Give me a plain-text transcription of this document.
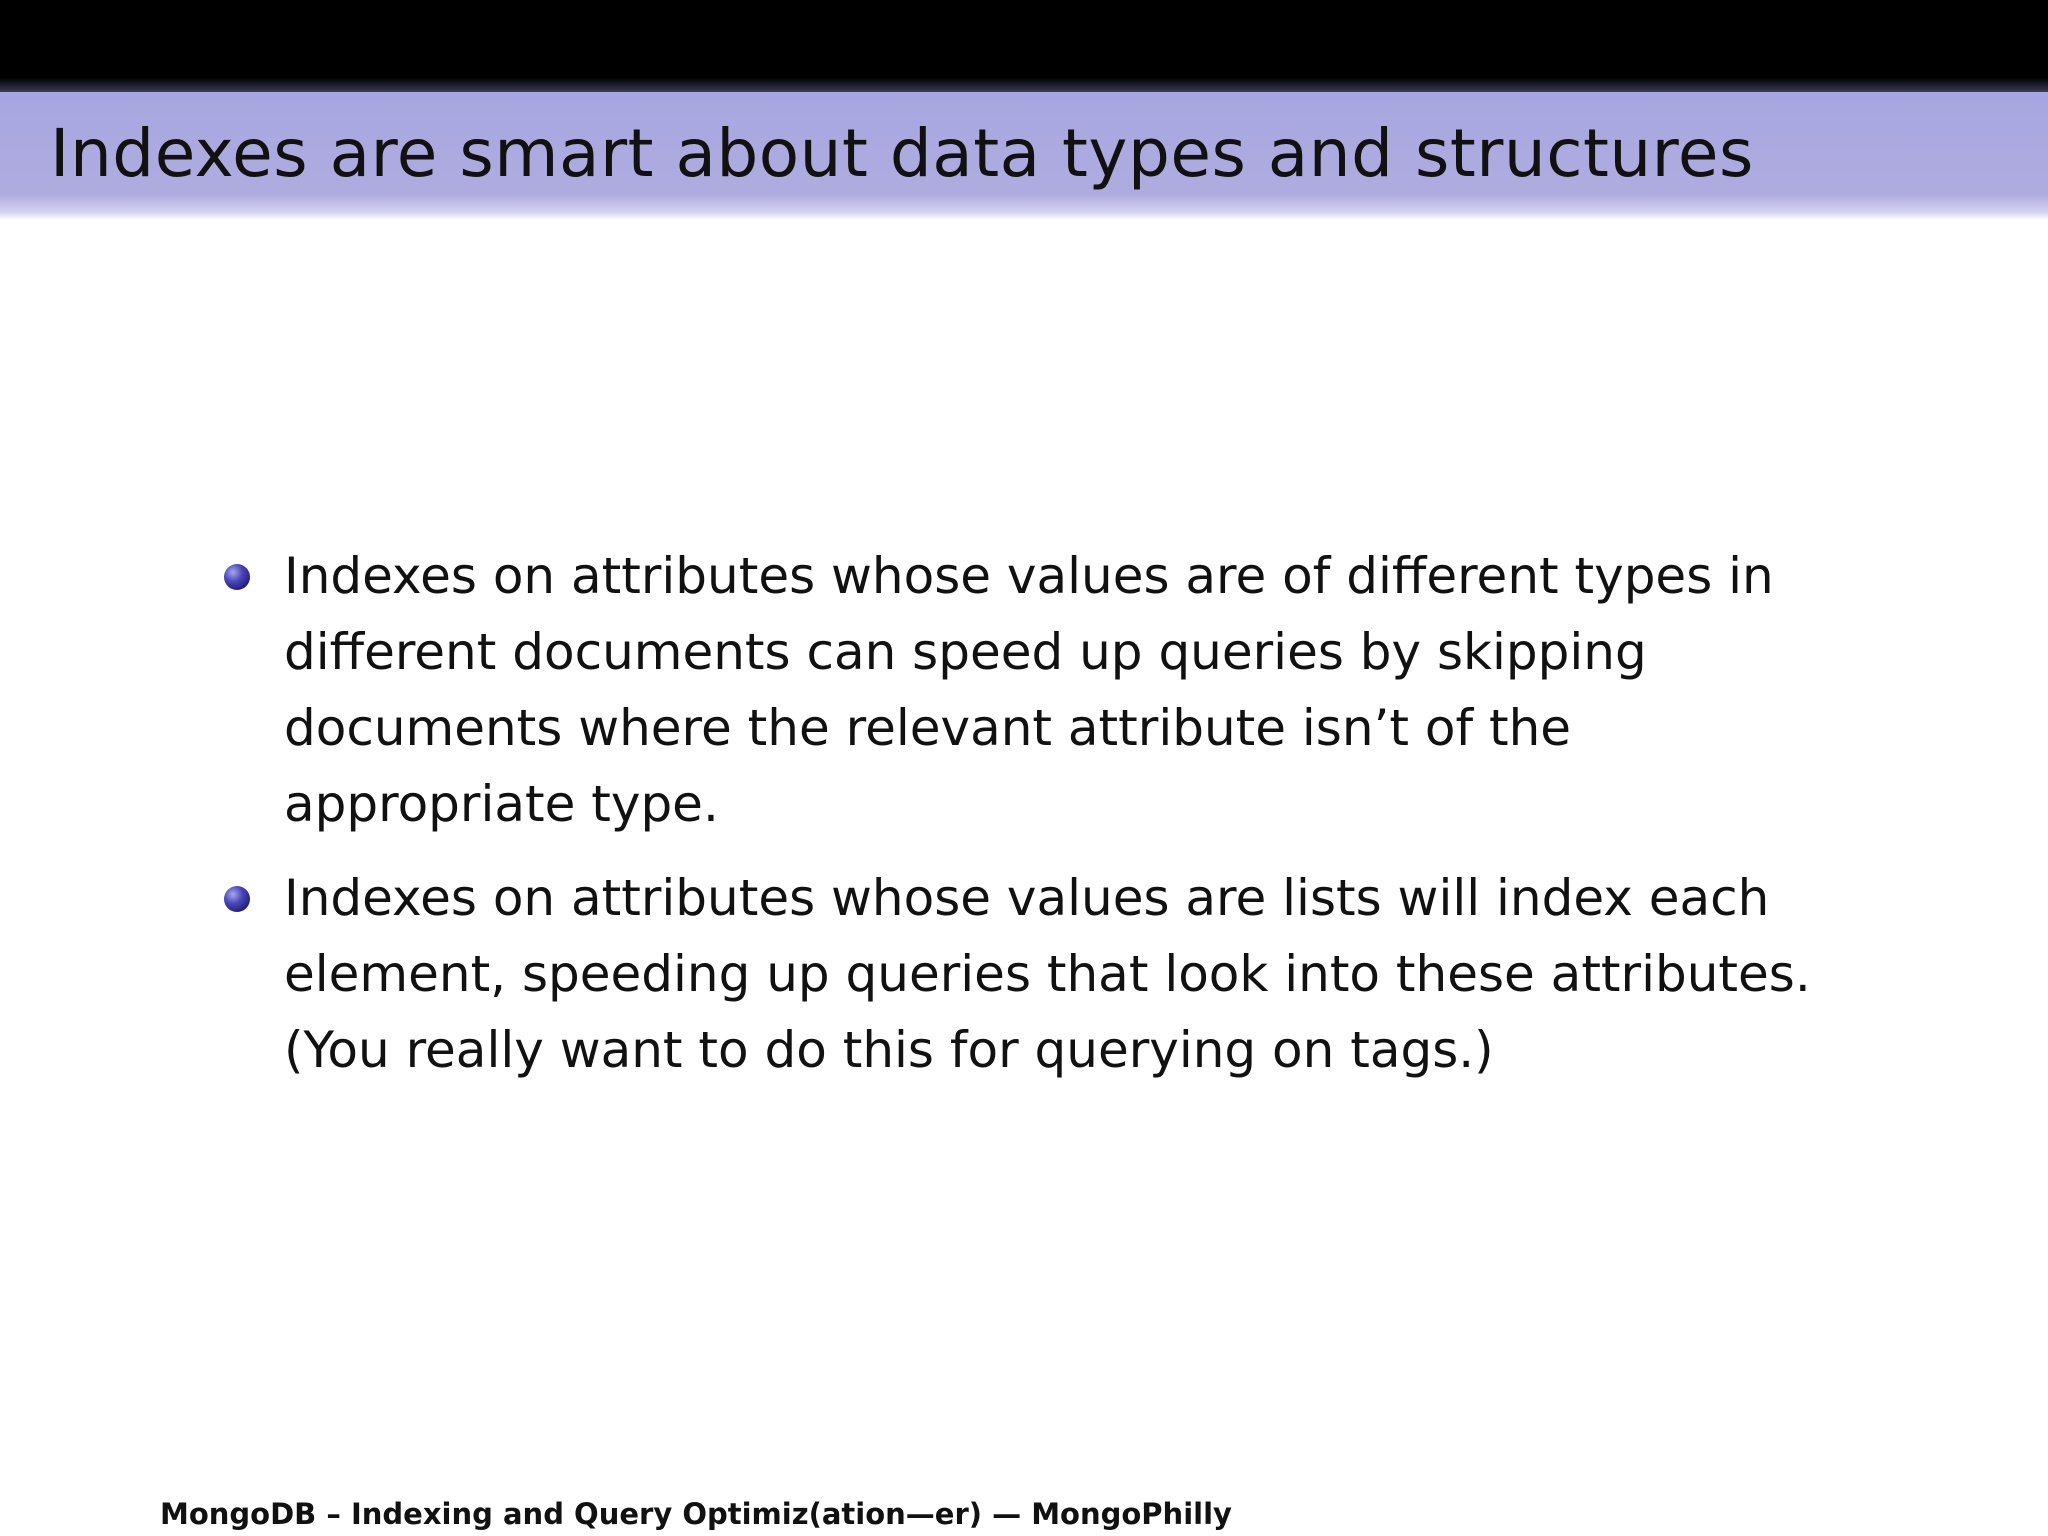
Indexes are smart about data types and structures
Indexes on attributes whose values are of different types in different documents can speed up queries by skipping documents where the relevant attribute isn’t of the appropriate type.
Indexes on attributes whose values are lists will index each element, speeding up queries that look into these attributes. (You really want to do this for querying on tags.)
MongoDB – Indexing and Query Optimiz(ation—er) — MongoPhilly
